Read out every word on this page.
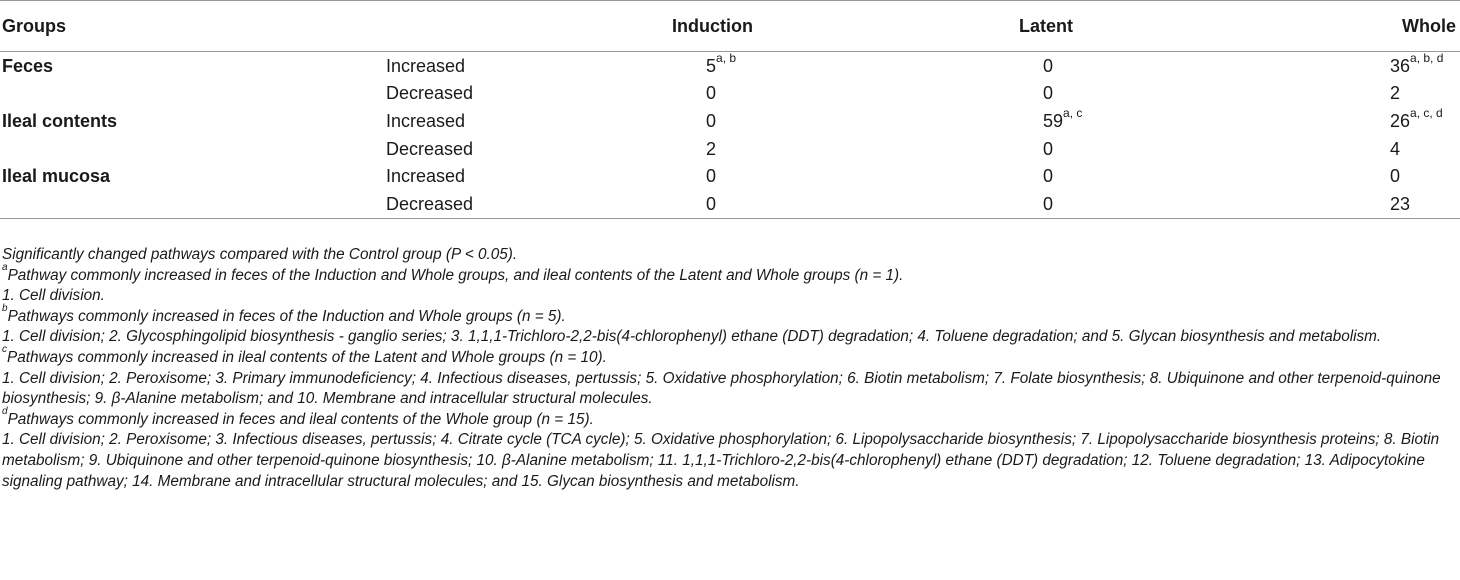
Groups		Induction	Latent	Whole
Feces	Increased	5$^{a, b}$	0	36$^{a, b, d}$
	Decreased	0	0	2
Ileal contents	Increased	0	59$^{a, c}$	26$^{a, c, d}$
	Decreased	2	0	4
Ileal mucosa	Increased	0	0	0
	Decreased	0	0	23

Significantly changed pathways compared with the Control group (P < 0.05).

$^a$Pathway commonly increased in feces of the Induction and Whole groups, and ileal contents of the Latent and Whole groups (n = 1).

1. Cell division.

$^b$Pathways commonly increased in feces of the Induction and Whole groups (n = 5).

1. Cell division; 2. Glycosphingolipid biosynthesis - ganglio series; 3. 1,1,1-Trichloro-2,2-bis(4-chlorophenyl) ethane (DDT) degradation; 4. Toluene degradation; and 5. Glycan biosynthesis and metabolism.

$^c$Pathways commonly increased in ileal contents of the Latent and Whole groups (n = 10).

1. Cell division; 2. Peroxisome; 3. Primary immunodeficiency; 4. Infectious diseases, pertussis; 5. Oxidative phosphorylation; 6. Biotin metabolism; 7. Folate biosynthesis; 8. Ubiquinone and other terpenoid-quinone biosynthesis; 9. β-Alanine metabolism; and 10. Membrane and intracellular structural molecules.

$^d$Pathways commonly increased in feces and ileal contents of the Whole group (n = 15).

1. Cell division; 2. Peroxisome; 3. Infectious diseases, pertussis; 4. Citrate cycle (TCA cycle); 5. Oxidative phosphorylation; 6. Lipopolysaccharide biosynthesis; 7. Lipopolysaccharide biosynthesis proteins; 8. Biotin metabolism; 9. Ubiquinone and other terpenoid-quinone biosynthesis; 10. β-Alanine metabolism; 11. 1,1,1-Trichloro-2,2-bis(4-chlorophenyl) ethane (DDT) degradation; 12. Toluene degradation; 13. Adipocytokine signaling pathway; 14. Membrane and intracellular structural molecules; and 15. Glycan biosynthesis and metabolism.
